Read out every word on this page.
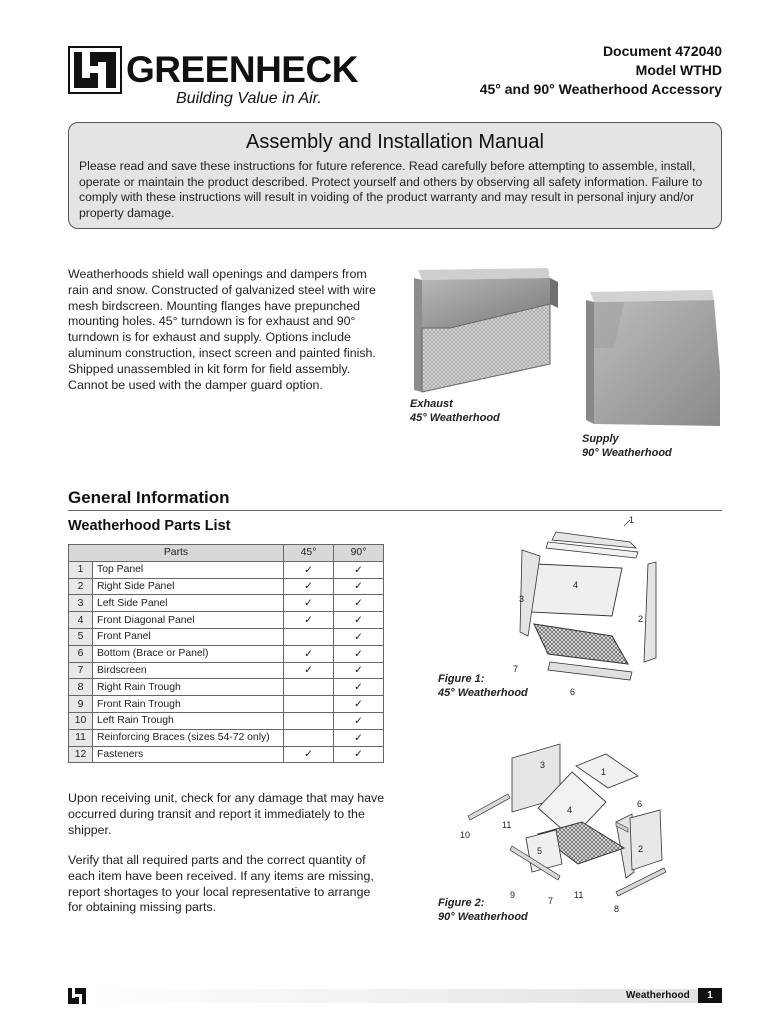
GREENHECK
Building Value in Air.
Document 472040
Model WTHD
45° and 90° Weatherhood Accessory
Assembly and Installation Manual
Please read and save these instructions for future reference. Read carefully before attempting to assemble, install, operate or maintain the product described. Protect yourself and others by observing all safety information. Failure to comply with these instructions will result in voiding of the product warranty and may result in personal injury and/or property damage.
Weatherhoods shield wall openings and dampers from rain and snow. Constructed of galvanized steel with wire mesh birdscreen. Mounting flanges have prepunched mounting holes. 45° turndown is for exhaust and 90° turndown is for exhaust and supply. Options include aluminum construction, insect screen and painted finish. Shipped unassembled in kit form for field assembly. Cannot be used with the damper guard option.
Exhaust
45° Weatherhood
Supply
90° Weatherhood
General Information
Weatherhood Parts List
Parts		45°	90°
1	Top Panel	✓	✓
2	Right Side Panel	✓	✓
3	Left Side Panel	✓	✓
4	Front Diagonal Panel	✓	✓
5	Front Panel		✓
6	Bottom (Brace or Panel)	✓	✓
7	Birdscreen	✓	✓
8	Right Rain Trough		✓
9	Front Rain Trough		✓
10	Left Rain Trough		✓
11	Reinforcing Braces (sizes 54-72 only)		✓
12	Fasteners	✓	✓
Upon receiving unit, check for any damage that may have occurred during transit and report it immediately to the shipper.
Verify that all required parts and the correct quantity of each item have been received. If any items are missing, report shortages to your local representative to arrange for obtaining missing parts.
1
2
3
4
6
7
Figure 1:
45° Weatherhood
1
2
3
4
5
6
7
8
9
10
11
11
Figure 2:
90° Weatherhood
Weatherhood	1
